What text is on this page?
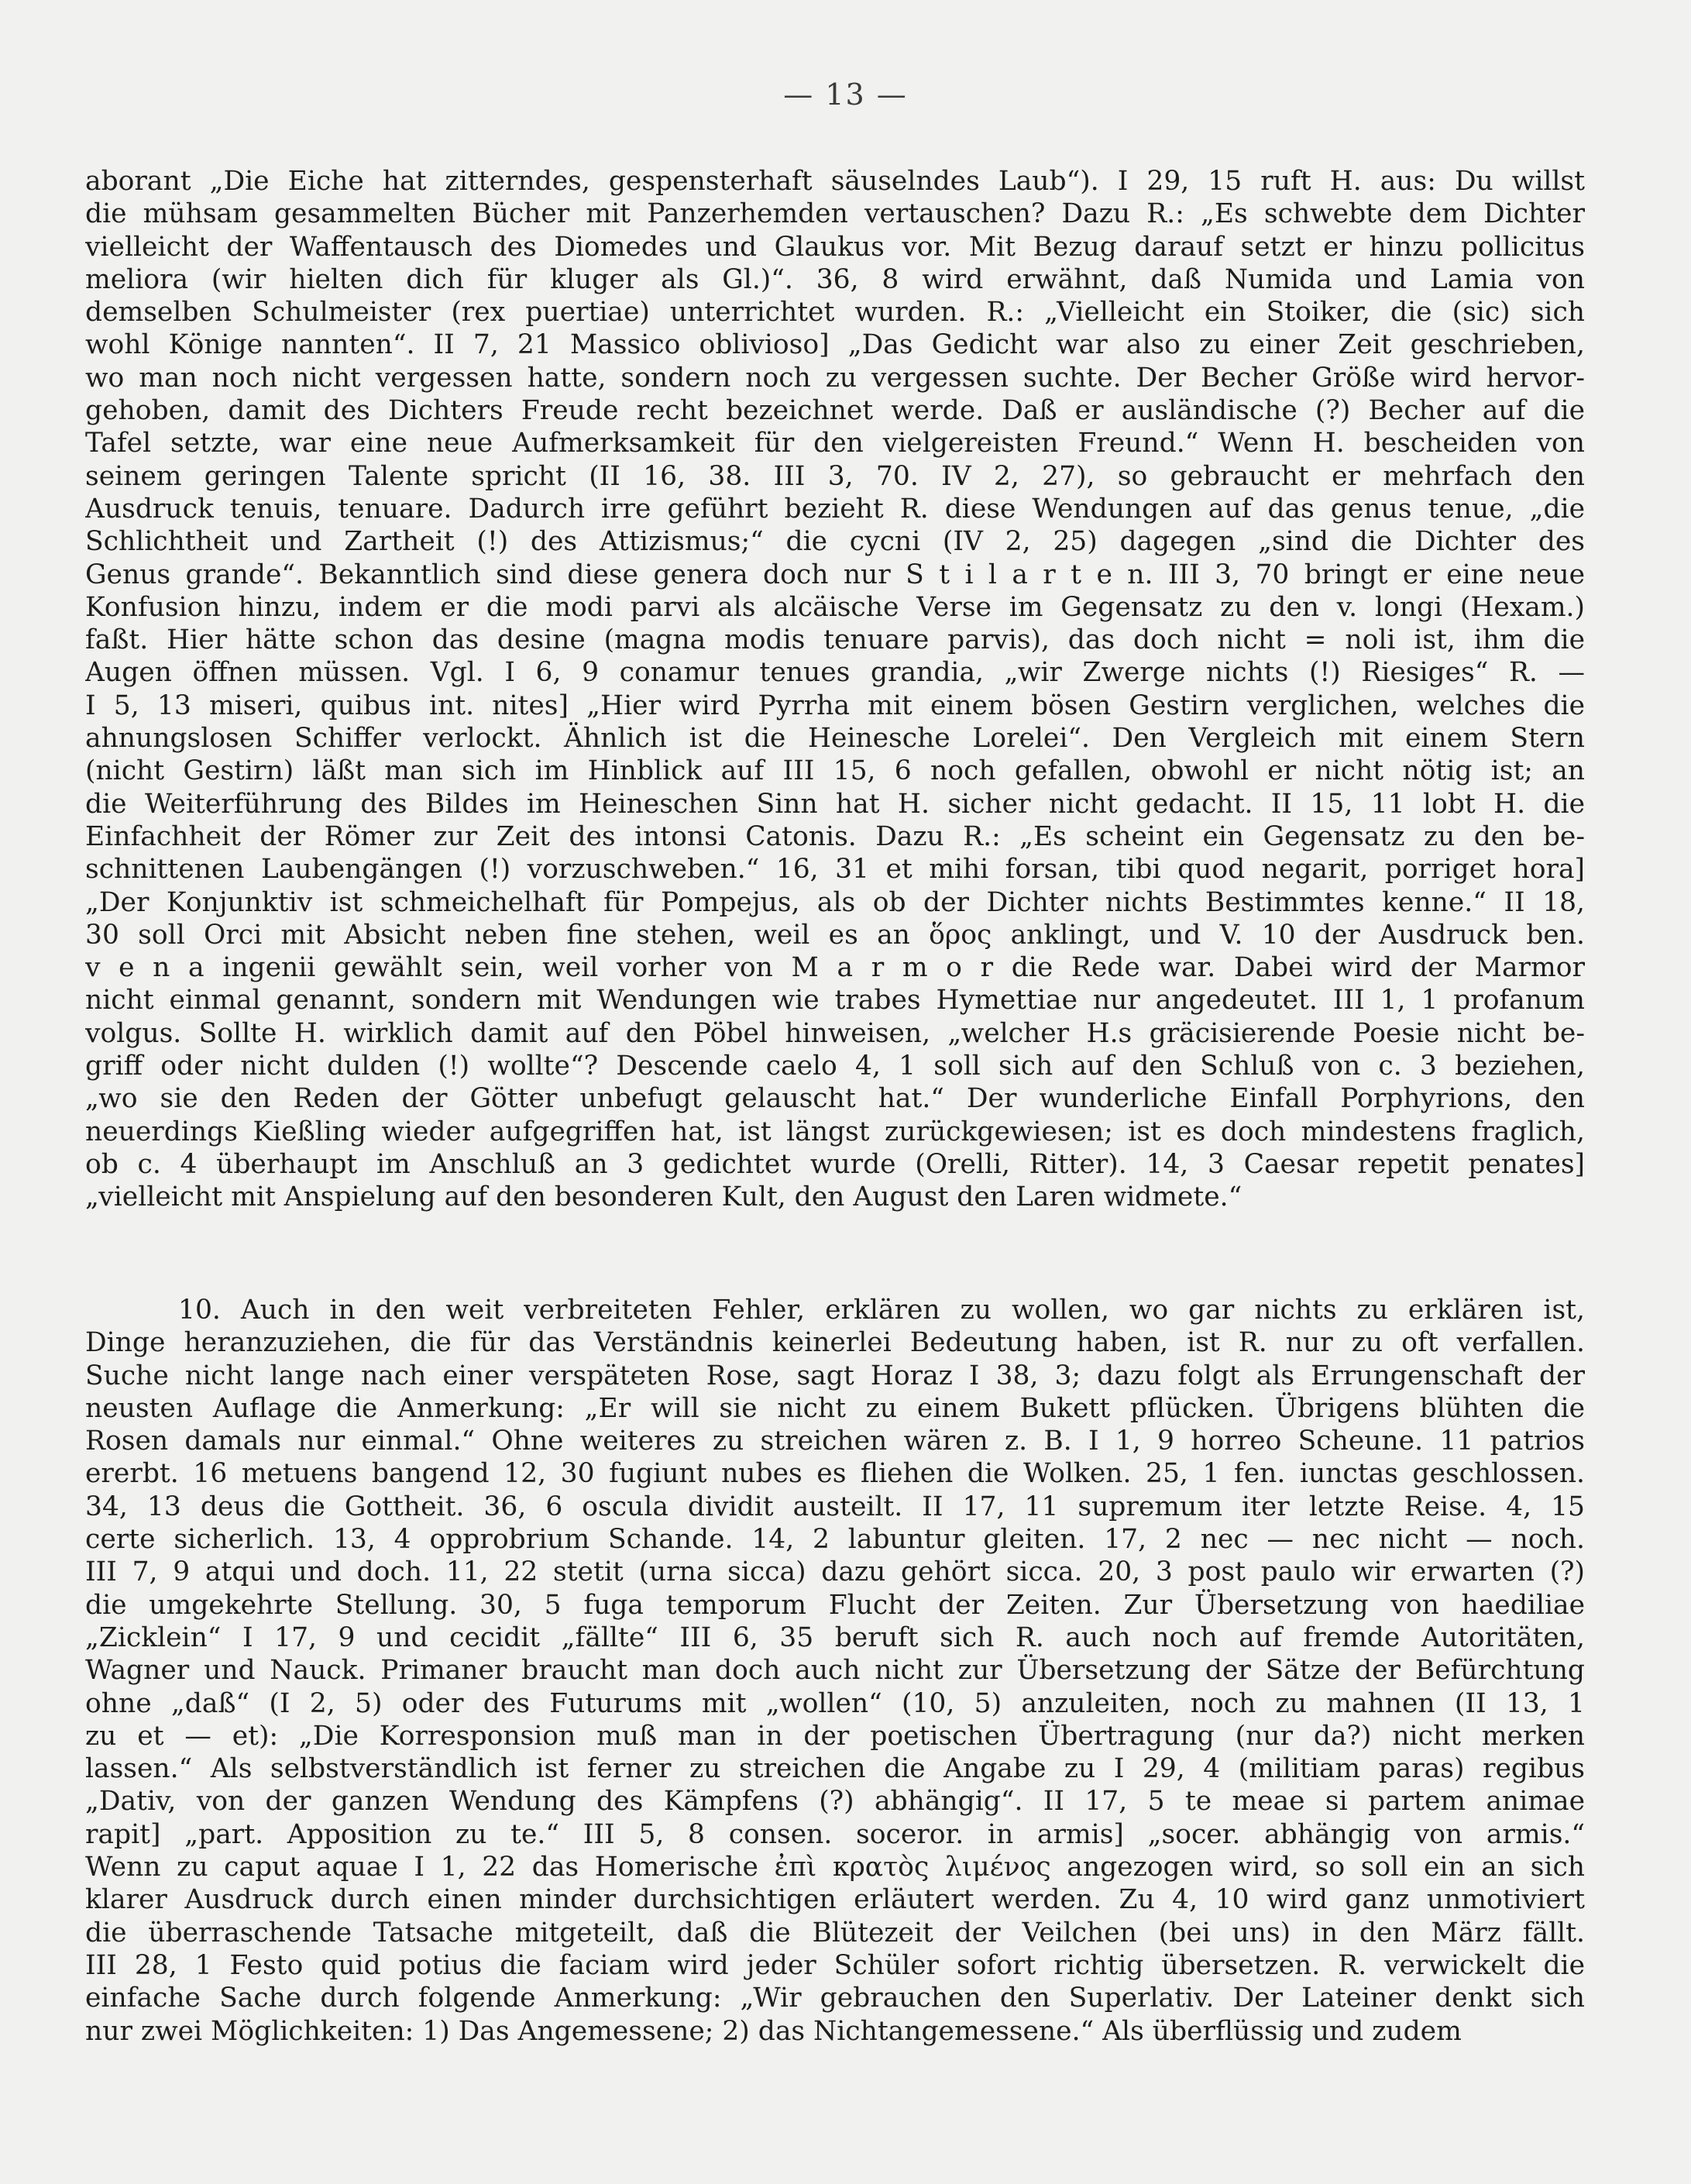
— 13 —
aborant „Die Eiche hat zitterndes, gespensterhaft säuselndes Laub“). I 29, 15 ruft H. aus: Du willst
die mühsam gesammelten Bücher mit Panzerhemden vertauschen? Dazu R.: „Es schwebte dem Dichter
vielleicht der Waffentausch des Diomedes und Glaukus vor. Mit Bezug darauf setzt er hinzu pollicitus
meliora (wir hielten dich für kluger als Gl.)“. 36, 8 wird erwähnt, daß Numida und Lamia von
demselben Schulmeister (rex puertiae) unterrichtet wurden. R.: „Vielleicht ein Stoiker, die (sic) sich
wohl Könige nannten“. II 7, 21 Massico oblivioso] „Das Gedicht war also zu einer Zeit geschrieben,
wo man noch nicht vergessen hatte, sondern noch zu vergessen suchte. Der Becher Größe wird hervor-
gehoben, damit des Dichters Freude recht bezeichnet werde. Daß er ausländische (?) Becher auf die
Tafel setzte, war eine neue Aufmerksamkeit für den vielgereisten Freund.“ Wenn H. bescheiden von
seinem geringen Talente spricht (II 16, 38. III 3, 70. IV 2, 27), so gebraucht er mehrfach den
Ausdruck tenuis, tenuare. Dadurch irre geführt bezieht R. diese Wendungen auf das genus tenue, „die
Schlichtheit und Zartheit (!) des Attizismus;“ die cycni (IV 2, 25) dagegen „sind die Dichter des
Genus grande“. Bekanntlich sind diese genera doch nur S t i l a r t e n. III 3, 70 bringt er eine neue
Konfusion hinzu, indem er die modi parvi als alcäische Verse im Gegensatz zu den v. longi (Hexam.)
faßt. Hier hätte schon das desine (magna modis tenuare parvis), das doch nicht = noli ist, ihm die
Augen öffnen müssen. Vgl. I 6, 9 conamur tenues grandia, „wir Zwerge nichts (!) Riesiges“ R. —
I 5, 13 miseri, quibus int. nites] „Hier wird Pyrrha mit einem bösen Gestirn verglichen, welches die
ahnungslosen Schiffer verlockt. Ähnlich ist die Heinesche Lorelei“. Den Vergleich mit einem Stern
(nicht Gestirn) läßt man sich im Hinblick auf III 15, 6 noch gefallen, obwohl er nicht nötig ist; an
die Weiterführung des Bildes im Heineschen Sinn hat H. sicher nicht gedacht. II 15, 11 lobt H. die
Einfachheit der Römer zur Zeit des intonsi Catonis. Dazu R.: „Es scheint ein Gegensatz zu den be-
schnittenen Laubengängen (!) vorzuschweben.“ 16, 31 et mihi forsan, tibi quod negarit, porriget hora]
„Der Konjunktiv ist schmeichelhaft für Pompejus, als ob der Dichter nichts Bestimmtes kenne.“ II 18,
30 soll Orci mit Absicht neben fine stehen, weil es an ὅρος anklingt, und V. 10 der Ausdruck ben.
v e n a ingenii gewählt sein, weil vorher von M a r m o r die Rede war. Dabei wird der Marmor
nicht einmal genannt, sondern mit Wendungen wie trabes Hymettiae nur angedeutet. III 1, 1 profanum
volgus. Sollte H. wirklich damit auf den Pöbel hinweisen, „welcher H.s gräcisierende Poesie nicht be-
griff oder nicht dulden (!) wollte“? Descende caelo 4, 1 soll sich auf den Schluß von c. 3 beziehen,
„wo sie den Reden der Götter unbefugt gelauscht hat.“ Der wunderliche Einfall Porphyrions, den
neuerdings Kießling wieder aufgegriffen hat, ist längst zurückgewiesen; ist es doch mindestens fraglich,
ob c. 4 überhaupt im Anschluß an 3 gedichtet wurde (Orelli, Ritter). 14, 3 Caesar repetit penates]
„vielleicht mit Anspielung auf den besonderen Kult, den August den Laren widmete.“
10. Auch in den weit verbreiteten Fehler, erklären zu wollen, wo gar nichts zu erklären ist,
Dinge heranzuziehen, die für das Verständnis keinerlei Bedeutung haben, ist R. nur zu oft verfallen.
Suche nicht lange nach einer verspäteten Rose, sagt Horaz I 38, 3; dazu folgt als Errungenschaft der
neusten Auflage die Anmerkung: „Er will sie nicht zu einem Bukett pflücken. Übrigens blühten die
Rosen damals nur einmal.“ Ohne weiteres zu streichen wären z. B. I 1, 9 horreo Scheune. 11 patrios
ererbt. 16 metuens bangend 12, 30 fugiunt nubes es fliehen die Wolken. 25, 1 fen. iunctas geschlossen.
34, 13 deus die Gottheit. 36, 6 oscula dividit austeilt. II 17, 11 supremum iter letzte Reise. 4, 15
certe sicherlich. 13, 4 opprobrium Schande. 14, 2 labuntur gleiten. 17, 2 nec — nec nicht — noch.
III 7, 9 atqui und doch. 11, 22 stetit (urna sicca) dazu gehört sicca. 20, 3 post paulo wir erwarten (?)
die umgekehrte Stellung. 30, 5 fuga temporum Flucht der Zeiten. Zur Übersetzung von haediliae
„Zicklein“ I 17, 9 und cecidit „fällte“ III 6, 35 beruft sich R. auch noch auf fremde Autoritäten,
Wagner und Nauck. Primaner braucht man doch auch nicht zur Übersetzung der Sätze der Befürchtung
ohne „daß“ (I 2, 5) oder des Futurums mit „wollen“ (10, 5) anzuleiten, noch zu mahnen (II 13, 1
zu et — et): „Die Korresponsion muß man in der poetischen Übertragung (nur da?) nicht merken
lassen.“ Als selbstverständlich ist ferner zu streichen die Angabe zu I 29, 4 (militiam paras) regibus
„Dativ, von der ganzen Wendung des Kämpfens (?) abhängig“. II 17, 5 te meae si partem animae
rapit] „part. Apposition zu te.“ III 5, 8 consen. soceror. in armis] „socer. abhängig von armis.“
Wenn zu caput aquae I 1, 22 das Homerische ἐπὶ κρατὸς λιμένος angezogen wird, so soll ein an sich
klarer Ausdruck durch einen minder durchsichtigen erläutert werden. Zu 4, 10 wird ganz unmotiviert
die überraschende Tatsache mitgeteilt, daß die Blütezeit der Veilchen (bei uns) in den März fällt.
III 28, 1 Festo quid potius die faciam wird jeder Schüler sofort richtig übersetzen. R. verwickelt die
einfache Sache durch folgende Anmerkung: „Wir gebrauchen den Superlativ. Der Lateiner denkt sich
nur zwei Möglichkeiten: 1) Das Angemessene; 2) das Nichtangemessene.“ Als überflüssig und zudem
